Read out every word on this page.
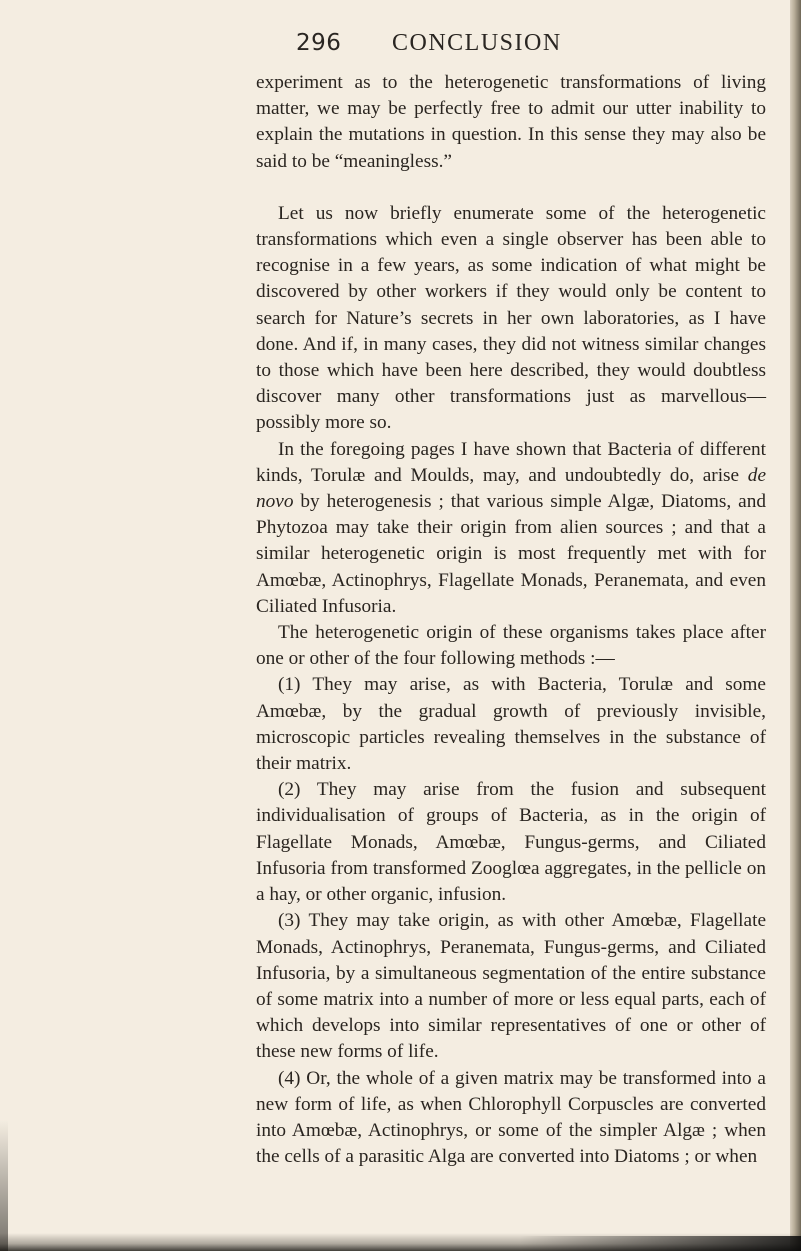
296 CONCLUSION

experiment as to the heterogenetic transformations of living matter, we may be perfectly free to admit our utter inability to explain the mutations in question. In this sense they may also be said to be “meaningless.”

Let us now briefly enumerate some of the heterogenetic transformations which even a single observer has been able to recognise in a few years, as some indication of what might be discovered by other workers if they would only be content to search for Nature’s secrets in her own laboratories, as I have done. And if, in many cases, they did not witness similar changes to those which have been here described, they would doubtless discover many other transformations just as marvellous—possibly more so.

In the foregoing pages I have shown that Bacteria of different kinds, Torulæ and Moulds, may, and undoubtedly do, arise de novo by heterogenesis ; that various simple Algæ, Diatoms, and Phytozoa may take their origin from alien sources ; and that a similar heterogenetic origin is most frequently met with for Amœbæ, Actinophrys, Flagellate Monads, Peranemata, and even Ciliated Infusoria.

The heterogenetic origin of these organisms takes place after one or other of the four following methods :—

(1) They may arise, as with Bacteria, Torulæ and some Amœbæ, by the gradual growth of previously invisible, microscopic particles revealing themselves in the substance of their matrix.

(2) They may arise from the fusion and subsequent individualisation of groups of Bacteria, as in the origin of Flagellate Monads, Amœbæ, Fungus-germs, and Ciliated Infusoria from transformed Zooglœa aggregates, in the pellicle on a hay, or other organic, infusion.

(3) They may take origin, as with other Amœbæ, Flagellate Monads, Actinophrys, Peranemata, Fungus-germs, and Ciliated Infusoria, by a simultaneous segmentation of the entire substance of some matrix into a number of more or less equal parts, each of which develops into similar representatives of one or other of these new forms of life.

(4) Or, the whole of a given matrix may be transformed into a new form of life, as when Chlorophyll Corpuscles are converted into Amœbæ, Actinophrys, or some of the simpler Algæ ; when the cells of a parasitic Alga are converted into Diatoms ; or when
